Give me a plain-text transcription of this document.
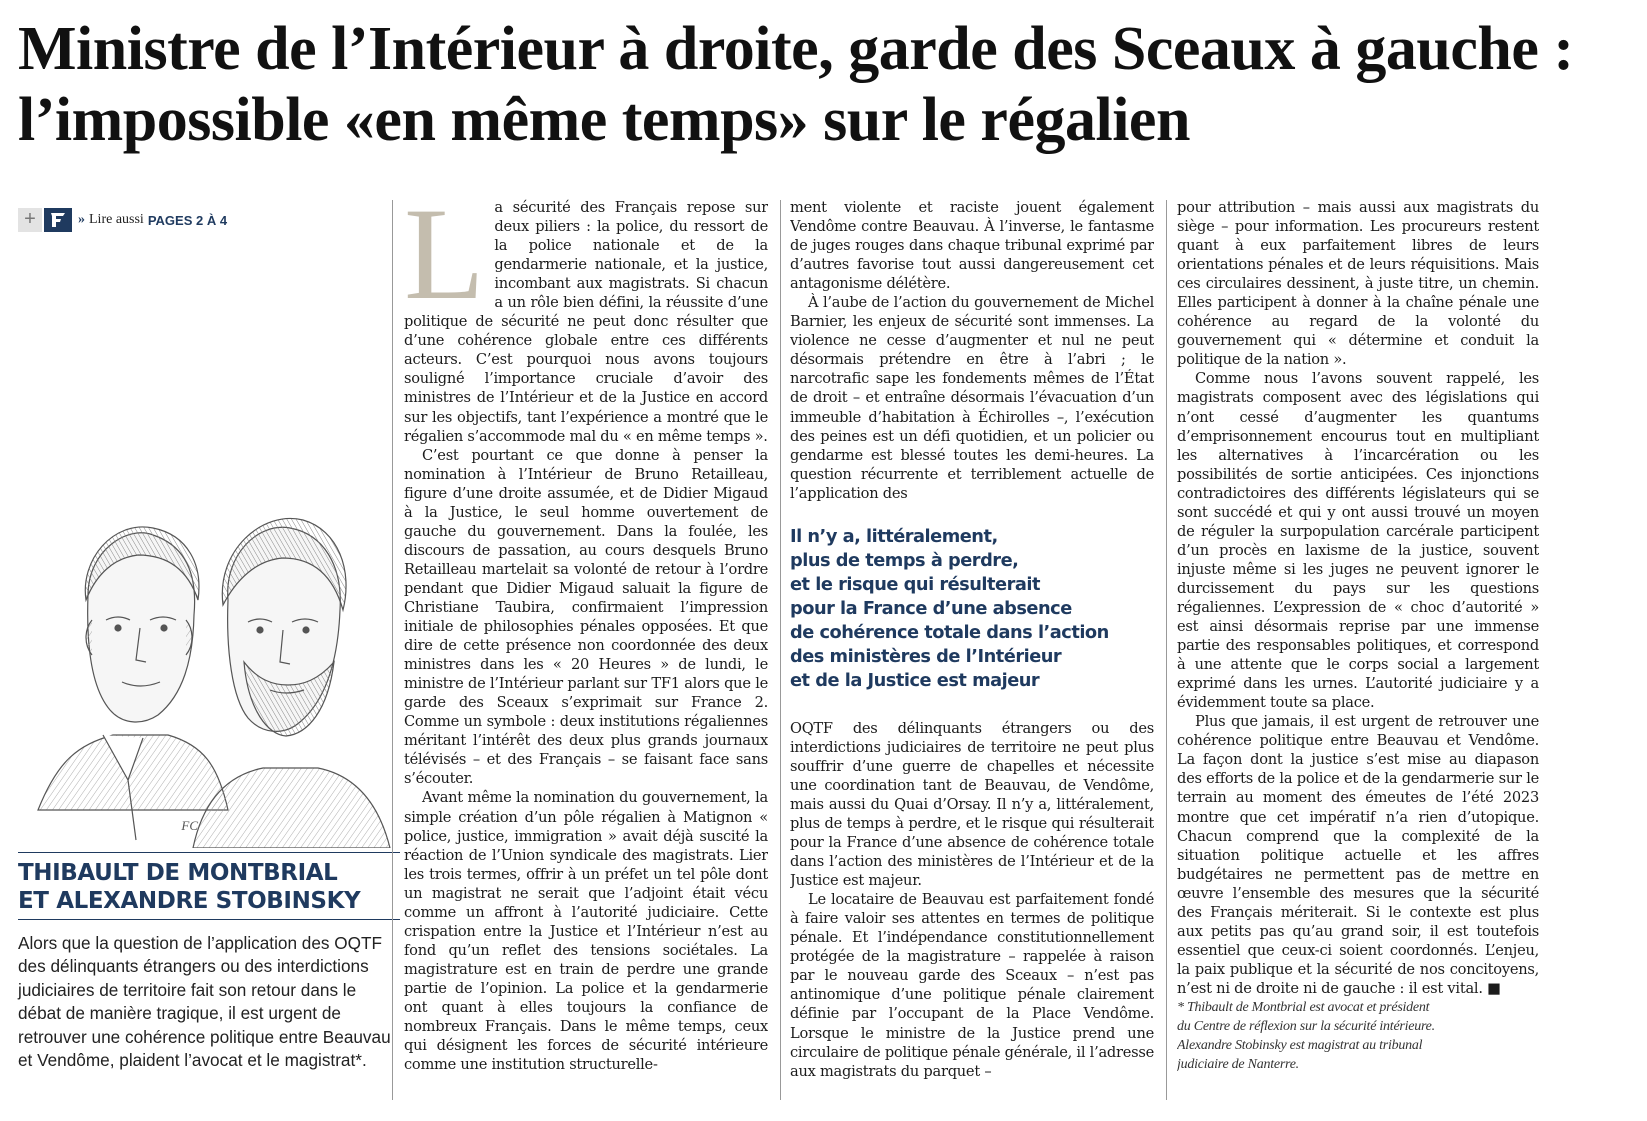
Ministre de l’Intérieur à droite, garde des Sceaux à gauche :
l’impossible «en même temps» sur le régalien
+	» Lire aussi PAGES 2 À 4
FC
THIBAULT DE MONTBRIAL
ET ALEXANDRE STOBINSKY

Alors que la question de l’application des OQTF des délinquants étrangers ou des interdictions judiciaires de territoire fait son retour dans le débat de manière tragique, il est urgent de retrouver une cohérence politique entre Beauvau et Vendôme, plaident l’avocat et le magistrat*.

L a sécurité des Français repose sur deux piliers : la police, du ressort de la police nationale et de la gendarmerie nationale, et la justice, incombant aux magistrats. Si chacun a un rôle bien défini, la réussite d’une politique de sécurité ne peut donc résulter que d’une cohérence globale entre ces différents acteurs. C’est pourquoi nous avons toujours souligné l’importance cruciale d’avoir des ministres de l’Intérieur et de la Justice en accord sur les objectifs, tant l’expérience a montré que le régalien s’accommode mal du « en même temps ».

C’est pourtant ce que donne à penser la nomination à l’Intérieur de Bruno Retailleau, figure d’une droite assumée, et de Didier Migaud à la Justice, le seul homme ouvertement de gauche du gouvernement. Dans la foulée, les discours de passation, au cours desquels Bruno Retailleau martelait sa volonté de retour à l’ordre pendant que Didier Migaud saluait la figure de Christiane Taubira, confirmaient l’impression initiale de philosophies pénales opposées. Et que dire de cette présence non coordonnée des deux ministres dans les « 20 Heures » de lundi, le ministre de l’Intérieur parlant sur TF1 alors que le garde des Sceaux s’exprimait sur France 2. Comme un symbole : deux institutions régaliennes méritant l’intérêt des deux plus grands journaux télévisés – et des Français – se faisant face sans s’écouter.

Avant même la nomination du gouvernement, la simple création d’un pôle régalien à Matignon « police, justice, immigration » avait déjà suscité la réaction de l’Union syndicale des magistrats. Lier les trois termes, offrir à un préfet un tel pôle dont un magistrat ne serait que l’adjoint était vécu comme un affront à l’autorité judiciaire. Cette crispation entre la Justice et l’Intérieur n’est au fond qu’un reflet des tensions sociétales. La magistrature est en train de perdre une grande partie de l’opinion. La police et la gendarmerie ont quant à elles toujours la confiance de nombreux Français. Dans le même temps, ceux qui désignent les forces de sécurité intérieure comme une institution structurelle-

ment violente et raciste jouent également Vendôme contre Beauvau. À l’inverse, le fantasme de juges rouges dans chaque tribunal exprimé par d’autres favorise tout aussi dangereusement cet antagonisme délétère.

À l’aube de l’action du gouvernement de Michel Barnier, les enjeux de sécurité sont immenses. La violence ne cesse d’augmenter et nul ne peut désormais prétendre en être à l’abri ; le narcotrafic sape les fondements mêmes de l’État de droit – et entraîne désormais l’évacuation d’un immeuble d’habitation à Échirolles –, l’exécution des peines est un défi quotidien, et un policier ou gendarme est blessé toutes les demi-heures. La question récurrente et terriblement actuelle de l’application des

Il n’y a, littéralement,
plus de temps à perdre,
et le risque qui résulterait
pour la France d’une absence
de cohérence totale dans l’action
des ministères de l’Intérieur
et de la Justice est majeur

OQTF des délinquants étrangers ou des interdictions judiciaires de territoire ne peut plus souffrir d’une guerre de chapelles et nécessite une coordination tant de Beauvau, de Vendôme, mais aussi du Quai d’Orsay. Il n’y a, littéralement, plus de temps à perdre, et le risque qui résulterait pour la France d’une absence de cohérence totale dans l’action des ministères de l’Intérieur et de la Justice est majeur.

Le locataire de Beauvau est parfaitement fondé à faire valoir ses attentes en termes de politique pénale. Et l’indépendance constitutionnellement protégée de la magistrature – rappelée à raison par le nouveau garde des Sceaux – n’est pas antinomique d’une politique pénale clairement définie par l’occupant de la Place Vendôme. Lorsque le ministre de la Justice prend une circulaire de politique pénale générale, il l’adresse aux magistrats du parquet –

pour attribution – mais aussi aux magistrats du siège – pour information. Les procureurs restent quant à eux parfaitement libres de leurs orientations pénales et de leurs réquisitions. Mais ces circulaires dessinent, à juste titre, un chemin. Elles participent à donner à la chaîne pénale une cohérence au regard de la volonté du gouvernement qui « détermine et conduit la politique de la nation ».

Comme nous l’avons souvent rappelé, les magistrats composent avec des législations qui n’ont cessé d’augmenter les quantums d’emprisonnement encourus tout en multipliant les alternatives à l’incarcération ou les possibilités de sortie anticipées. Ces injonctions contradictoires des différents législateurs qui se sont succédé et qui y ont aussi trouvé un moyen de réguler la surpopulation carcérale participent d’un procès en laxisme de la justice, souvent injuste même si les juges ne peuvent ignorer le durcissement du pays sur les questions régaliennes. L’expression de « choc d’autorité » est ainsi désormais reprise par une immense partie des responsables politiques, et correspond à une attente que le corps social a largement exprimé dans les urnes. L’autorité judiciaire y a évidemment toute sa place.

Plus que jamais, il est urgent de retrouver une cohérence politique entre Beauvau et Vendôme. La façon dont la justice s’est mise au diapason des efforts de la police et de la gendarmerie sur le terrain au moment des émeutes de l’été 2023 montre que cet impératif n’a rien d’utopique. Chacun comprend que la complexité de la situation politique actuelle et les affres budgétaires ne permettent pas de mettre en œuvre l’ensemble des mesures que la sécurité des Français mériterait. Si le contexte est plus aux petits pas qu’au grand soir, il est toutefois essentiel que ceux-ci soient coordonnés. L’enjeu, la paix publique et la sécurité de nos concitoyens, n’est ni de droite ni de gauche : il est vital. ■

* Thibault de Montbrial est avocat et président
du Centre de réflexion sur la sécurité intérieure.
Alexandre Stobinsky est magistrat au tribunal
judiciaire de Nanterre.
